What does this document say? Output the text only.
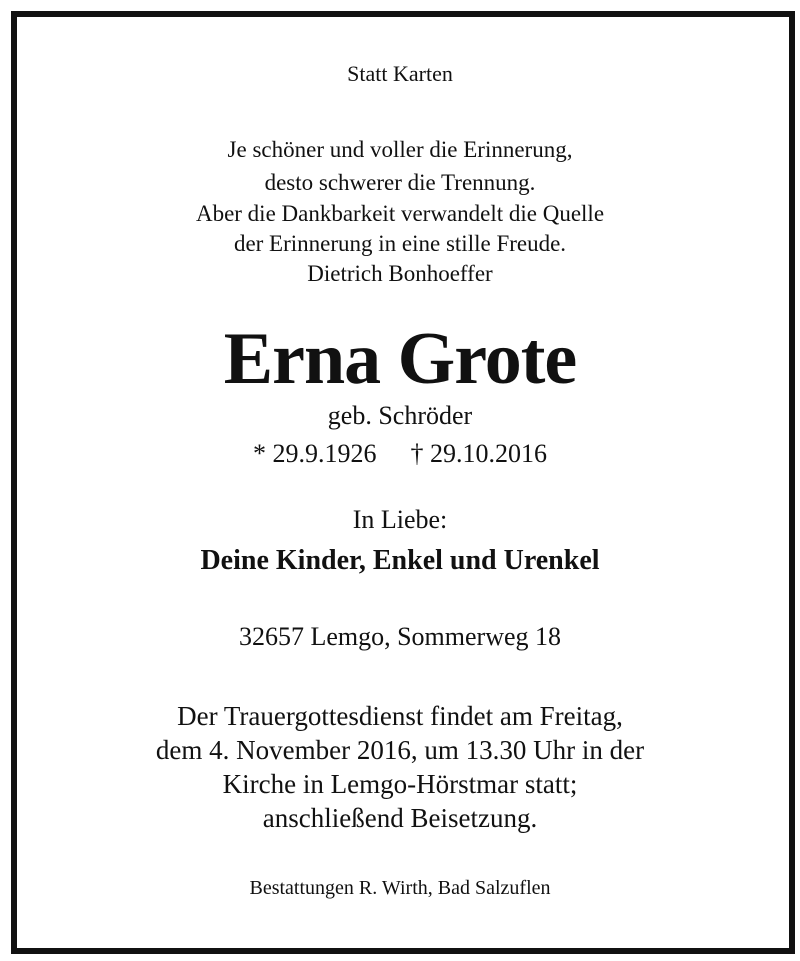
Statt Karten
Je schöner und voller die Erinnerung,
desto schwerer die Trennung.
Aber die Dankbarkeit verwandelt die Quelle
der Erinnerung in eine stille Freude.
Dietrich Bonhoeffer
Erna Grote
geb. Schröder
* 29.9.1926 † 29.10.2016
In Liebe:
Deine Kinder, Enkel und Urenkel
32657 Lemgo, Sommerweg 18
Der Trauergottesdienst findet am Freitag,
dem 4. November 2016, um 13.30 Uhr in der
Kirche in Lemgo-Hörstmar statt;
anschließend Beisetzung.
Bestattungen R. Wirth, Bad Salzuflen
